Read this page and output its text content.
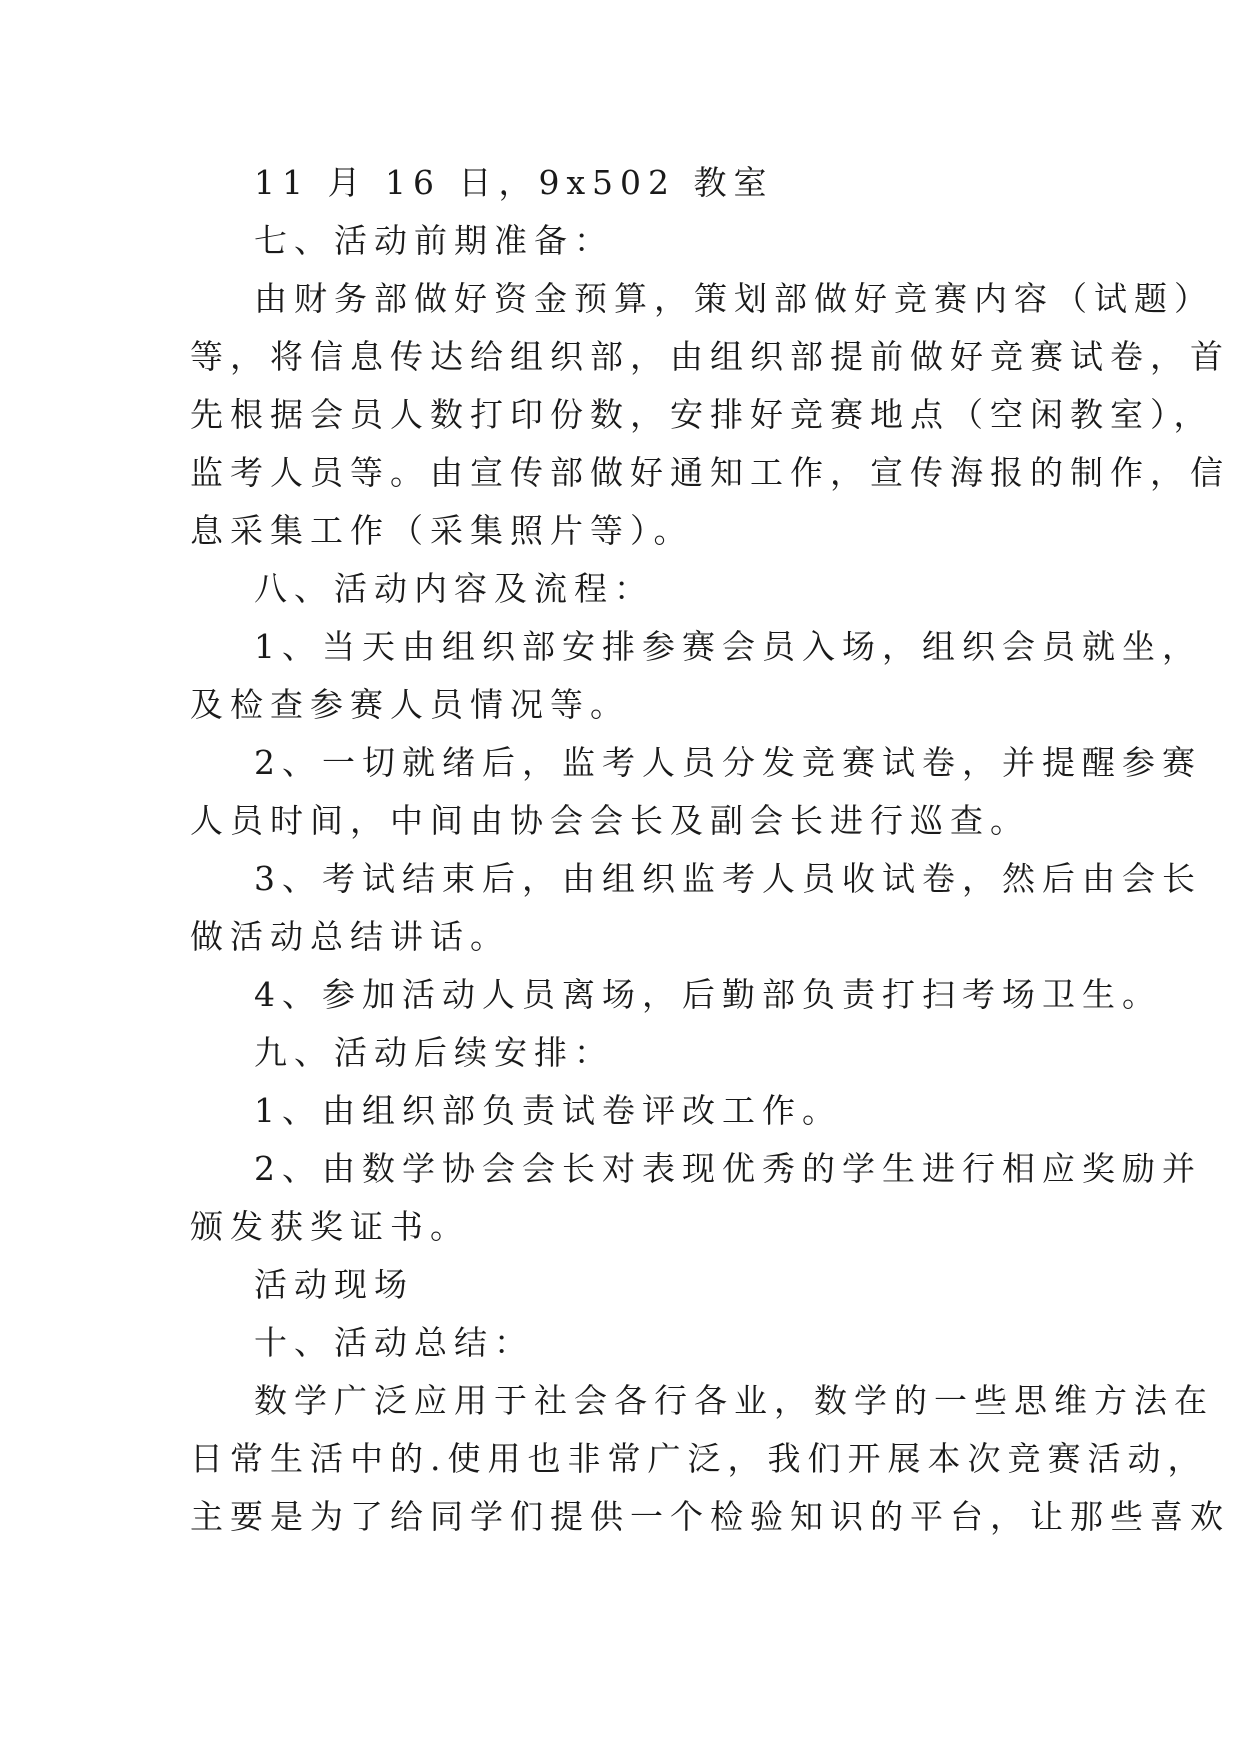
11 月 16 日，9x502 教室

七、活动前期准备：

由财务部做好资金预算，策划部做好竞赛内容（试题）

等，将信息传达给组织部，由组织部提前做好竞赛试卷，首

先根据会员人数打印份数，安排好竞赛地点（空闲教室），

监考人员等。由宣传部做好通知工作，宣传海报的制作，信

息采集工作（采集照片等）。

八、活动内容及流程：

1、当天由组织部安排参赛会员入场，组织会员就坐，

及检查参赛人员情况等。

2、一切就绪后，监考人员分发竞赛试卷，并提醒参赛

人员时间，中间由协会会长及副会长进行巡查。

3、考试结束后，由组织监考人员收试卷，然后由会长

做活动总结讲话。

4、参加活动人员离场，后勤部负责打扫考场卫生。

九、活动后续安排：

1、由组织部负责试卷评改工作。

2、由数学协会会长对表现优秀的学生进行相应奖励并

颁发获奖证书。

活动现场

十、活动总结：

数学广泛应用于社会各行各业，数学的一些思维方法在

日常生活中的.使用也非常广泛，我们开展本次竞赛活动，

主要是为了给同学们提供一个检验知识的平台，让那些喜欢
